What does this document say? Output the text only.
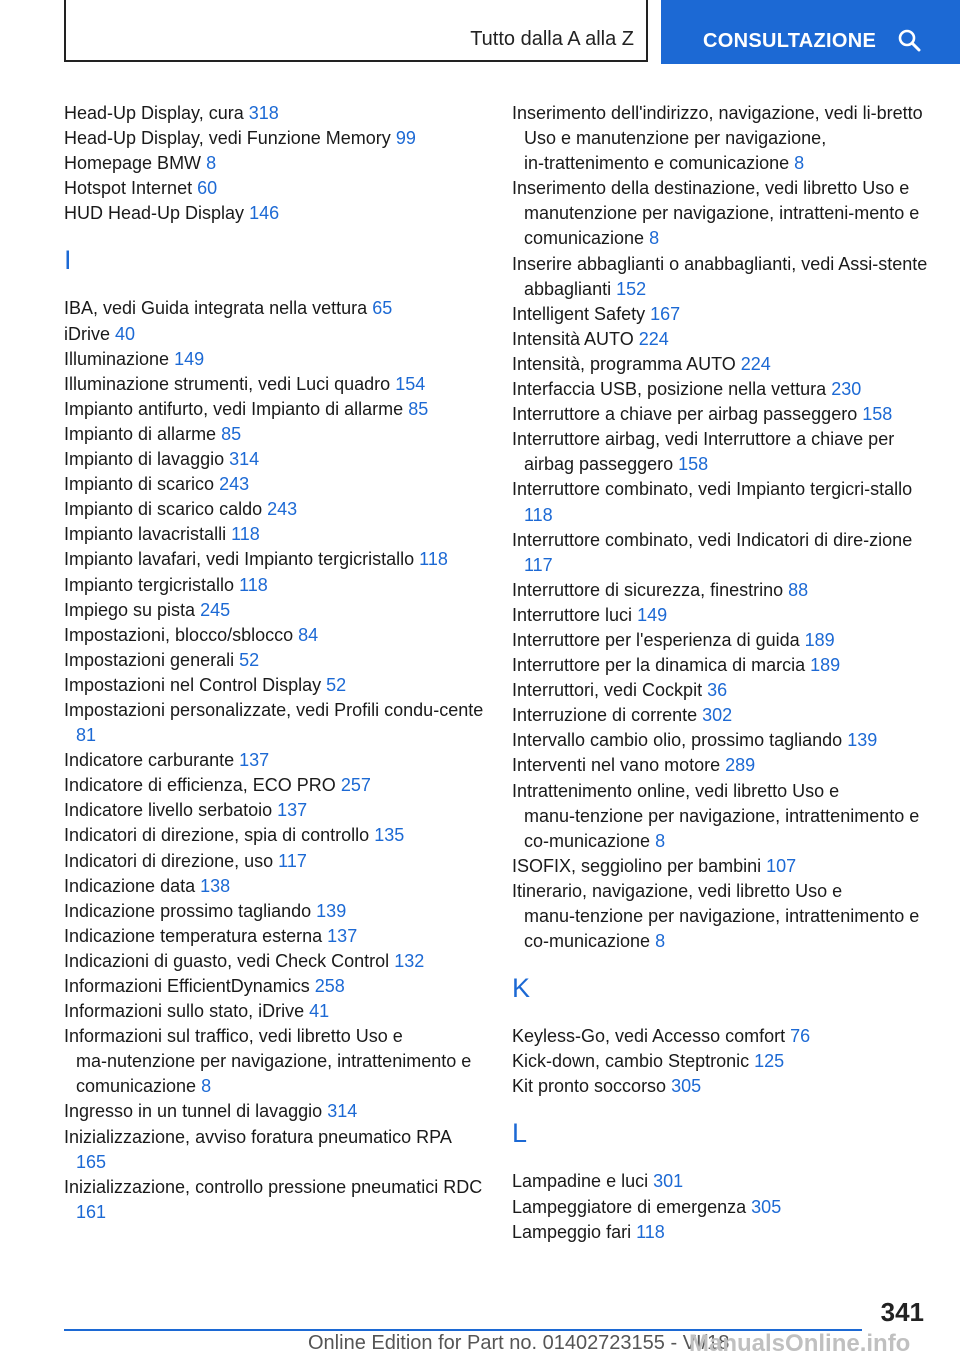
Tutto dalla A alla Z	CONSULTAZIONE

Head-Up Display, cura 318

Head-Up Display, vedi Funzione Memory 99

Homepage BMW 8

Hotspot Internet 60

HUD Head-Up Display 146

I

IBA, vedi Guida integrata nella vettura 65

iDrive 40

Illuminazione 149

Illuminazione strumenti, vedi Luci quadro 154

Impianto antifurto, vedi Impianto di allarme 85

Impianto di allarme 85

Impianto di lavaggio 314

Impianto di scarico 243

Impianto di scarico caldo 243

Impianto lavacristalli 118

Impianto lavafari, vedi Impianto tergicristallo 118

Impianto tergicristallo 118

Impiego su pista 245

Impostazioni, blocco/sblocco 84

Impostazioni generali 52

Impostazioni nel Control Display 52

Impostazioni personalizzate, vedi Profili condu‑cente 81

Indicatore carburante 137

Indicatore di efficienza, ECO PRO 257

Indicatore livello serbatoio 137

Indicatori di direzione, spia di controllo 135

Indicatori di direzione, uso 117

Indicazione data 138

Indicazione prossimo tagliando 139

Indicazione temperatura esterna 137

Indicazioni di guasto, vedi Check Control 132

Informazioni EfficientDynamics 258

Informazioni sullo stato, iDrive 41

Informazioni sul traffico, vedi libretto Uso e ma‑nutenzione per navigazione, intrattenimento e comunicazione 8

Ingresso in un tunnel di lavaggio 314

Inizializzazione, avviso foratura pneumatico RPA 165

Inizializzazione, controllo pressione pneumatici RDC 161

Inserimento dell'indirizzo, navigazione, vedi li‑bretto Uso e manutenzione per navigazione, in‑trattenimento e comunicazione 8

Inserimento della destinazione, vedi libretto Uso e manutenzione per navigazione, intratteni‑mento e comunicazione 8

Inserire abbaglianti o anabbaglianti, vedi Assi‑stente abbaglianti 152

Intelligent Safety 167

Intensità AUTO 224

Intensità, programma AUTO 224

Interfaccia USB, posizione nella vettura 230

Interruttore a chiave per airbag passeggero 158

Interruttore airbag, vedi Interruttore a chiave per airbag passeggero 158

Interruttore combinato, vedi Impianto tergicri‑stallo 118

Interruttore combinato, vedi Indicatori di dire‑zione 117

Interruttore di sicurezza, finestrino 88

Interruttore luci 149

Interruttore per l'esperienza di guida 189

Interruttore per la dinamica di marcia 189

Interruttori, vedi Cockpit 36

Interruzione di corrente 302

Intervallo cambio olio, prossimo tagliando 139

Interventi nel vano motore 289

Intrattenimento online, vedi libretto Uso e manu‑tenzione per navigazione, intrattenimento e co‑municazione 8

ISOFIX, seggiolino per bambini 107

Itinerario, navigazione, vedi libretto Uso e manu‑tenzione per navigazione, intrattenimento e co‑municazione 8

K

Keyless-Go, vedi Accesso comfort 76

Kick-down, cambio Steptronic 125

Kit pronto soccorso 305

L

Lampadine e luci 301

Lampeggiatore di emergenza 305

Lampeggio fari 118

341
Online Edition for Part no. 01402723155 - VI/18
ManualsOnline.info
